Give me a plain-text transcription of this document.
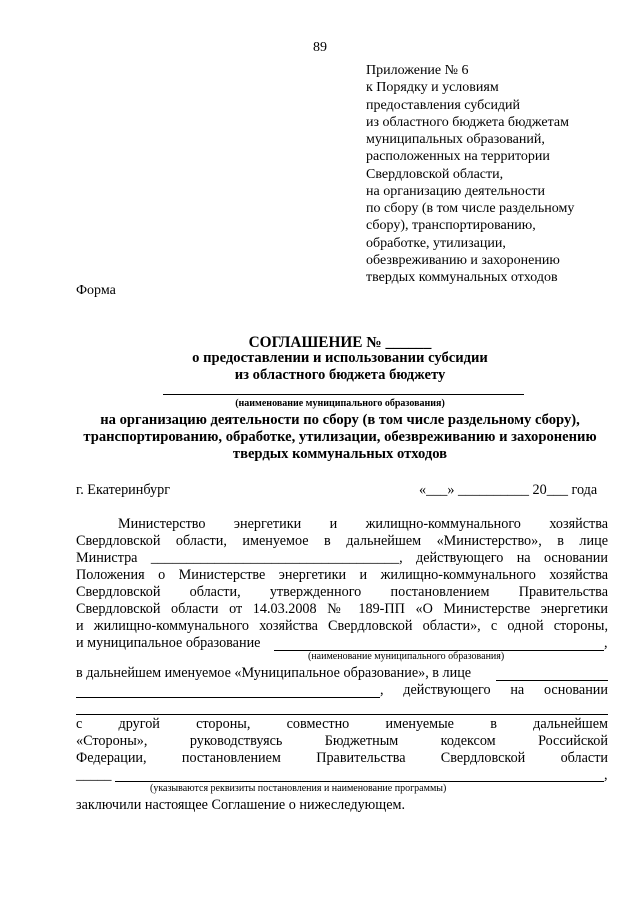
89
Приложение № 6
к Порядку и условиям
предоставления субсидий
из областного бюджета бюджетам
муниципальных образований,
расположенных на территории
Свердловской области,
на организацию деятельности
по сбору (в том числе раздельному
сбору), транспортированию,
обработке, утилизации,
обезвреживанию и захоронению
твердых коммунальных отходов
Форма
СОГЛАШЕНИЕ № ______
о предоставлении и использовании субсидии
из областного бюджета бюджету
(наименование муниципального образования)
на организацию деятельности по сбору (в том числе раздельному сбору),
транспортированию, обработке, утилизации, обезвреживанию и захоронению
твердых коммунальных отходов
г. Екатеринбург	«___» __________ 20___ года
Министерство энергетики и жилищно-коммунального хозяйства
Свердловской области, именуемое в дальнейшем «Министерство», в лице
Министра ___________________________________, действующего на основании
Положения о Министерстве энергетики и жилищно-коммунального хозяйства
Свердловской области, утвержденного постановлением Правительства
Свердловской области от 14.03.2008 № 189-ПП «О Министерстве энергетики
и жилищно-коммунального хозяйства Свердловской области», с одной стороны,
и муниципальное образование	,
(наименование муниципального образования)
в дальнейшем именуемое «Муниципальное образование», в лице
, действующего на основании
с другой стороны, совместно именуемые в дальнейшем
«Стороны», руководствуясь Бюджетным кодексом Российской
Федерации, постановлением Правительства Свердловской области
_____	,
(указываются реквизиты постановления и наименование программы)
заключили настоящее Соглашение о нижеследующем.
